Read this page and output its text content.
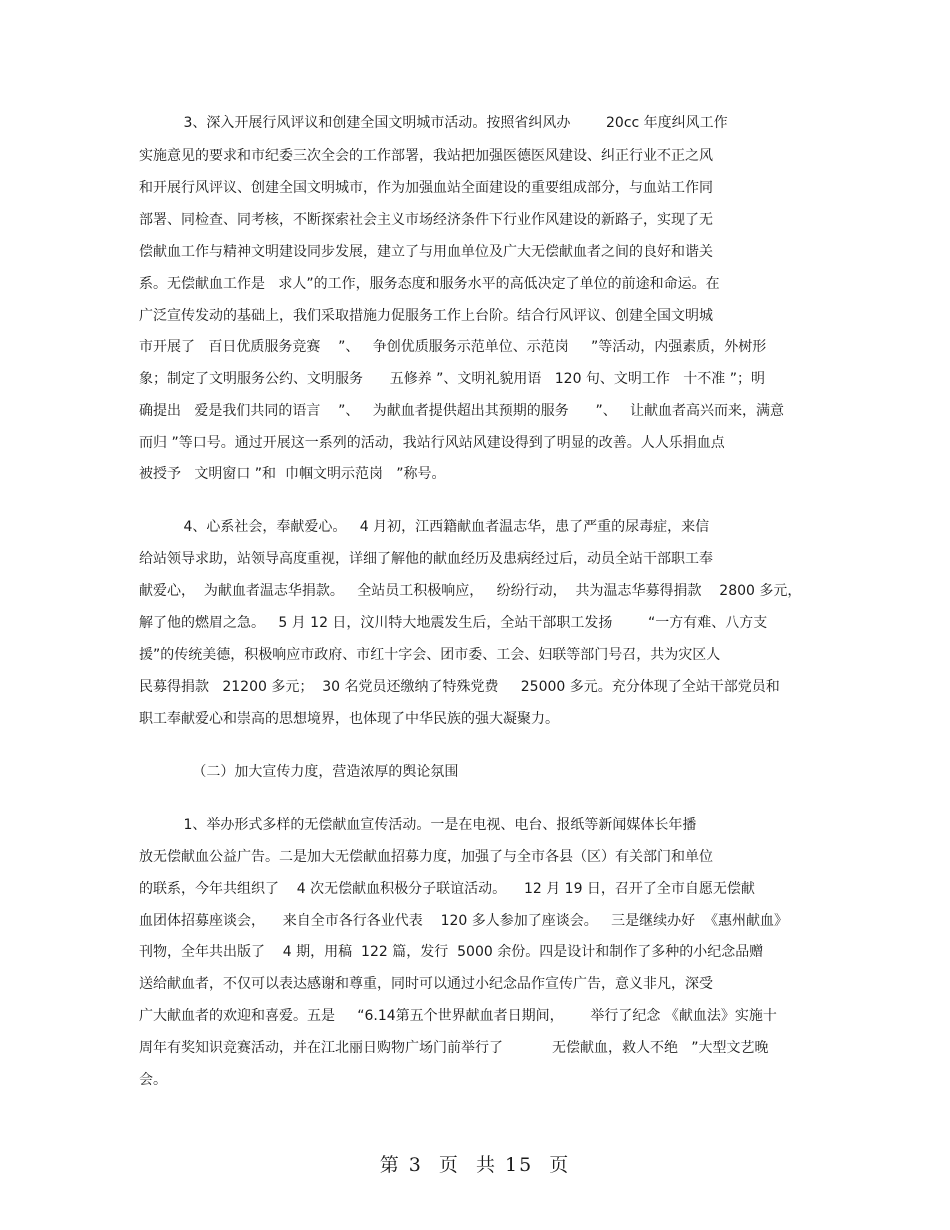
3、深入开展行风评议和创建全国文明城市活动。按照省纠风办        20cc 年度纠风工作
实施意见的要求和市纪委三次全会的工作部署，我站把加强医德医风建设、纠正行业不正之风
和开展行风评议、创建全国文明城市，作为加强血站全面建设的重要组成部分，与血站工作同
部署、同检查、同考核，不断探索社会主义市场经济条件下行业作风建设的新路子，实现了无
偿献血工作与精神文明建设同步发展，建立了与用血单位及广大无偿献血者之间的良好和谐关
系。无偿献血工作是   求人”的工作，服务态度和服务水平的高低决定了单位的前途和命运。在
广泛宣传发动的基础上，我们采取措施力促服务工作上台阶。结合行风评议、创建全国文明城
市开展了   百日优质服务竞赛    ”、   争创优质服务示范单位、示范岗     ”等活动，内强素质，外树形
象；制定了文明服务公约、文明服务      五修养 ”、文明礼貌用语   120 句、文明工作   十不准 ”；明
确提出   爱是我们共同的语言    ”、   为献血者提供超出其预期的服务      ”、   让献血者高兴而来，满意
而归 ”等口号。通过开展这一系列的活动，我站行风站风建设得到了明显的改善。人人乐捐血点
被授予   文明窗口 ”和  巾帼文明示范岗   ”称号。
4、心系社会，奉献爱心。   4 月初，江西籍献血者温志华，患了严重的尿毒症，来信
给站领导求助，站领导高度重视，详细了解他的献血经历及患病经过后，动员全站干部职工奉
献爱心，  为献血者温志华捐款。   全站员工积极响应，   纷纷行动，  共为温志华募得捐款    2800 多元，
解了他的燃眉之急。   5 月 12 日，汶川特大地震发生后，全站干部职工发扬        “一方有难、八方支
援”的传统美德，积极响应市政府、市红十字会、团市委、工会、妇联等部门号召，共为灾区人
民募得捐款   21200 多元；  30 名党员还缴纳了特殊党费     25000 多元。充分体现了全站干部党员和
职工奉献爱心和崇高的思想境界，也体现了中华民族的强大凝聚力。
（二）加大宣传力度，营造浓厚的舆论氛围
1、举办形式多样的无偿献血宣传活动。一是在电视、电台、报纸等新闻媒体长年播
放无偿献血公益广告。二是加大无偿献血招募力度，加强了与全市各县（区）有关部门和单位
的联系，今年共组织了    4 次无偿献血积极分子联谊活动。    12 月 19 日，召开了全市自愿无偿献
血团体招募座谈会，    来自全市各行各业代表    120 多人参加了座谈会。   三是继续办好  《惠州献血》
刊物，全年共出版了    4 期，用稿  122 篇，发行  5000 余份。四是设计和制作了多种的小纪念品赠
送给献血者，不仅可以表达感谢和尊重，同时可以通过小纪念品作宣传广告，意义非凡，深受
广大献血者的欢迎和喜爱。五是     “6.14第五个世界献血者日期间，      举行了纪念 《献血法》实施十
周年有奖知识竞赛活动，并在江北丽日购物广场门前举行了           无偿献血，救人不绝   ”大型文艺晚
会。
第 3  页  共 15  页
